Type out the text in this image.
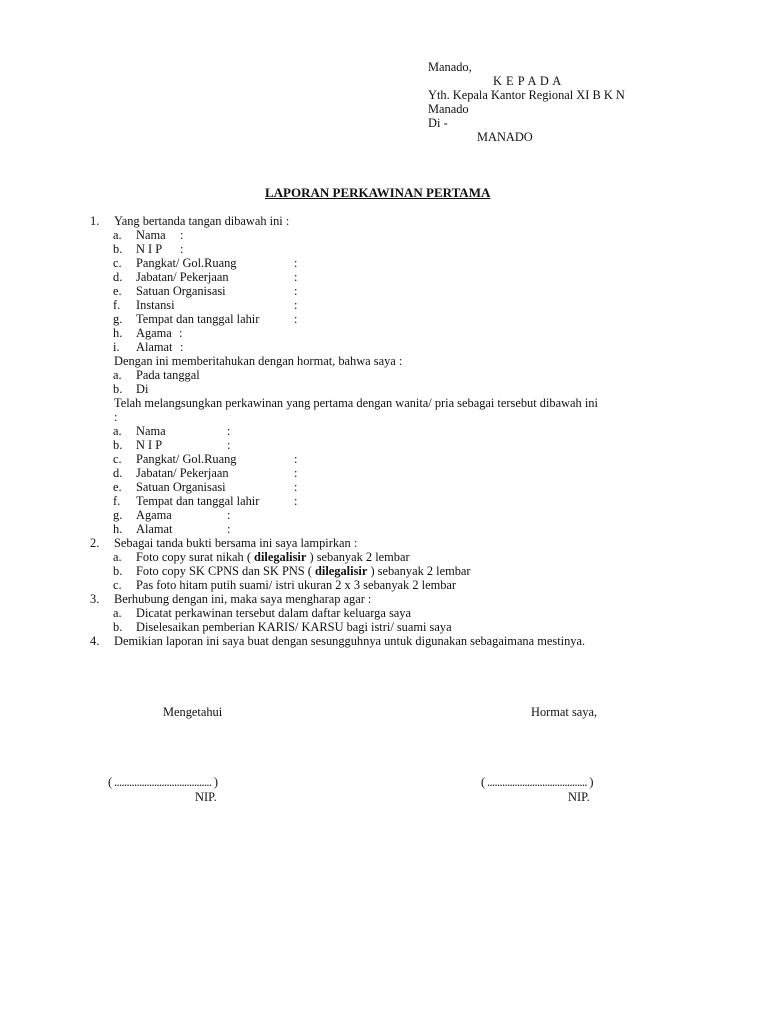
Manado,
K E P A D A
Yth. Kepala Kantor Regional XI B K N
Manado
Di -
MANADO
LAPORAN PERKAWINAN PERTAMA
1. Yang bertanda tangan dibawah ini :
a. Nama :
b. N I P :
c. Pangkat/ Gol.Ruang	:
d. Jabatan/ Pekerjaan	:
e. Satuan Organisasi	:
f. Instansi	:
g. Tempat dan tanggal lahir	:
h. Agama :
i. Alamat :
Dengan ini memberitahukan dengan hormat, bahwa saya :
a. Pada tanggal
b. Di
Telah melangsungkan perkawinan yang pertama dengan wanita/ pria sebagai tersebut dibawah ini
:
a. Nama	:
b. N I P	:
c. Pangkat/ Gol.Ruang	:
d. Jabatan/ Pekerjaan	:
e. Satuan Organisasi	:
f. Tempat dan tanggal lahir	:
g. Agama	:
h. Alamat	:
2. Sebagai tanda bukti bersama ini saya lampirkan :
a. Foto copy surat nikah ( dilegalisir ) sebanyak 2 lembar
b. Foto copy SK CPNS dan SK PNS ( dilegalisir ) sebanyak 2 lembar
c. Pas foto hitam putih suami/ istri ukuran 2 x 3 sebanyak 2 lembar
3. Berhubung dengan ini, maka saya mengharap agar :
a. Dicatat perkawinan tersebut dalam daftar keluarga saya
b. Diselesaikan pemberian KARIS/ KARSU bagi istri/ suami saya
4. Demikian laporan ini saya buat dengan sesungguhnya untuk digunakan sebagaimana mestinya.
Mengetahui	Hormat saya,
( ....................................... )	( ........................................ )
NIP.	NIP.
